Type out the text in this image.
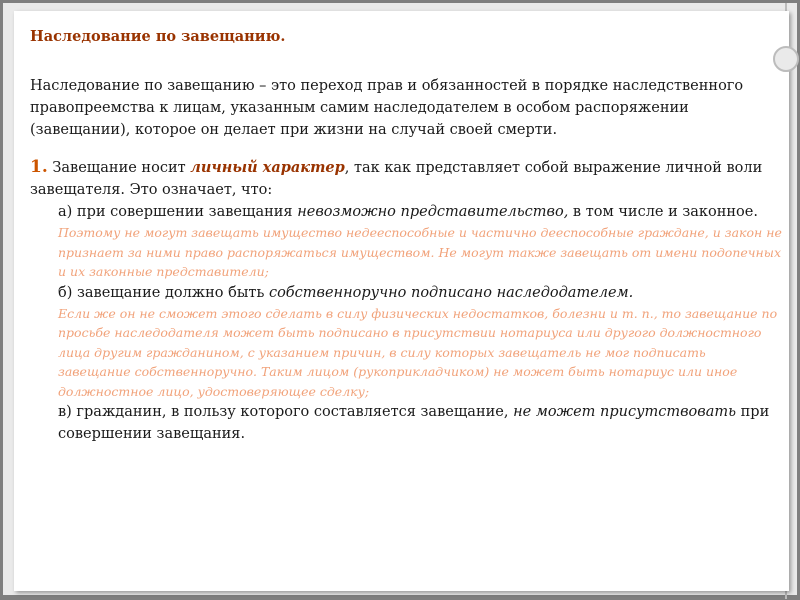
Наследование по завещанию.

Наследование по завещанию – это переход прав и обязанностей в порядке наследственного правопреемства к лицам, указанным самим наследодателем в особом распоряжении (завещании), которое он делает при жизни на случай своей смерти.

1. Завещание носит личный характер, так как представляет собой выражение личной воли завещателя. Это означает, что:

а) при совершении завещания невозможно представительство, в том числе и законное.

Поэтому не могут завещать имущество недееспособные и частично дееспособные граждане, и закон не признает за ними право распоряжаться имуществом. Не могут также завещать от имени подопечных и их законные представители;

б) завещание должно быть собственноручно подписано наследодателем.

Если же он не сможет этого сделать в силу физических недостатков, болезни и т. п., то завещание по просьбе наследодателя может быть подписано в присутствии нотариуса или другого должностного лица другим гражданином, с указанием причин, в силу которых завещатель не мог подписать завещание собственноручно. Таким лицом (рукоприкладчиком) не может быть нотариус или иное должностное лицо, удостоверяющее сделку;

в) гражданин, в пользу которого составляется завещание, не может присутствовать при совершении завещания.
